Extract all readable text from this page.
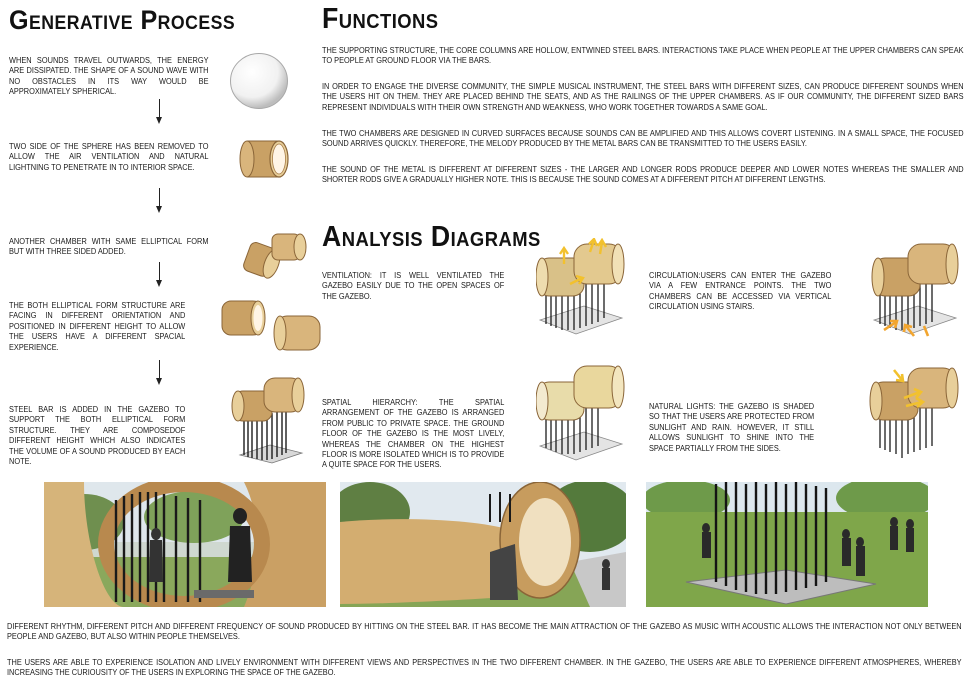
Generative Process

WHEN SOUNDS TRAVEL OUTWARDS, THE ENERGY ARE DISSIPATED. THE SHAPE OF A SOUND WAVE WITH NO OBSTACLES IN ITS WAY WOULD BE APPROXIMATELY SPHERICAL.

TWO SIDE OF THE SPHERE HAS BEEN REMOVED TO ALLOW THE AIR VENTILATION AND NATURAL LIGHTNING TO PENETRATE IN TO INTERIOR SPACE.

ANOTHER CHAMBER WITH SAME ELLIPTICAL FORM BUT WITH THREE SIDED ADDED.

THE BOTH ELLIPTICAL FORM STRUCTURE ARE FACING IN DIFFERENT ORIENTATION AND POSITIONED IN DIFFERENT HEIGHT TO ALLOW THE USERS HAVE A DIFFERENT SPACIAL EXPERIENCE.

STEEL BAR IS ADDED IN THE GAZEBO TO SUPPORT THE BOTH ELLIPTICAL FORM STRUCTURE. THEY ARE COMPOSEDOF DIFFERENT HEIGHT WHICH ALSO INDICATES THE VOLUME OF A SOUND PRODUCED BY EACH NOTE.

Functions

THE SUPPORTING STRUCTURE, THE CORE COLUMNS ARE HOLLOW, ENTWINED STEEL BARS. INTERACTIONS TAKE PLACE WHEN PEOPLE AT THE UPPER CHAMBERS CAN SPEAK TO PEOPLE AT GROUND FLOOR VIA THE BARS.

IN ORDER TO ENGAGE THE DIVERSE COMMUNITY, THE SIMPLE MUSICAL INSTRUMENT, THE STEEL BARS WITH DIFFERENT SIZES, CAN PRODUCE DIFFERENT SOUNDS WHEN THE USERS HIT ON THEM. THEY ARE PLACED BEHIND THE SEATS, AND AS THE RAILINGS OF THE UPPER CHAMBERS. AS IF OUR COMMUNITY, THE DIFFERENT SIZED BARS REPRESENT INDIVIDUALS WITH THEIR OWN STRENGTH AND WEAKNESS, WHO WORK TOGETHER TOWARDS A SAME GOAL.

THE TWO CHAMBERS ARE DESIGNED IN CURVED SURFACES BECAUSE SOUNDS CAN BE AMPLIFIED AND THIS ALLOWS COVERT LISTENING. IN A SMALL SPACE, THE FOCUSED SOUND ARRIVES QUICKLY. THEREFORE, THE MELODY PRODUCED BY THE METAL BARS CAN BE TRANSMITTED TO THE USERS EASILY.

THE SOUND OF THE METAL IS DIFFERENT AT DIFFERENT SIZES - THE LARGER AND LONGER RODS PRODUCE DEEPER AND LOWER NOTES WHEREAS THE SMALLER AND SHORTER RODS GIVE A GRADUALLY HIGHER NOTE. THIS IS BECAUSE THE SOUND COMES AT A DIFFERENT PITCH AT DIFFERENT LENGTHS.

Analysis Diagrams

VENTILATION: IT IS WELL VENTILATED THE GAZEBO EASILY DUE TO THE OPEN SPACES OF THE GAZEBO.

CIRCULATION:USERS CAN ENTER THE GAZEBO VIA A FEW ENTRANCE POINTS. THE TWO CHAMBERS CAN BE ACCESSED VIA VERTICAL CIRCULATION USING STAIRS.

SPATIAL HIERARCHY: THE SPATIAL ARRANGEMENT OF THE GAZEBO IS ARRANGED FROM PUBLIC TO PRIVATE SPACE. THE GROUND FLOOR OF THE GAZEBO IS THE MOST LIVELY, WHEREAS THE CHAMBER ON THE HIGHEST FLOOR IS MORE ISOLATED WHICH IS TO PROVIDE A QUITE SPACE FOR THE USERS.

NATURAL LIGHTS: THE GAZEBO IS SHADED SO THAT THE USERS ARE PROTECTED FROM SUNLIGHT AND RAIN. HOWEVER, IT STILL ALLOWS SUNLIGHT TO SHINE INTO THE SPACE PARTIALLY FROM THE SIDES.

DIFFERENT RHYTHM, DIFFERENT PITCH AND DIFFERENT FREQUENCY OF SOUND PRODUCED BY HITTING ON THE STEEL BAR. IT HAS BECOME THE MAIN ATTRACTION OF THE GAZEBO AS MUSIC WITH ACOUSTIC ALLOWS THE INTERACTION NOT ONLY BETWEEN PEOPLE AND GAZEBO, BUT ALSO WITHIN PEOPLE THEMSELVES.

THE USERS ARE ABLE TO EXPERIENCE ISOLATION AND LIVELY ENVIRONMENT WITH DIFFERENT VIEWS AND PERSPECTIVES IN THE TWO DIFFERENT CHAMBER. IN THE GAZEBO, THE USERS ARE ABLE TO EXPERIENCE DIFFERENT ATMOSPHERES, WHEREBY INCREASING THE CURIOUSITY OF THE USERS IN EXPLORING THE SPACE OF THE GAZEBO.
